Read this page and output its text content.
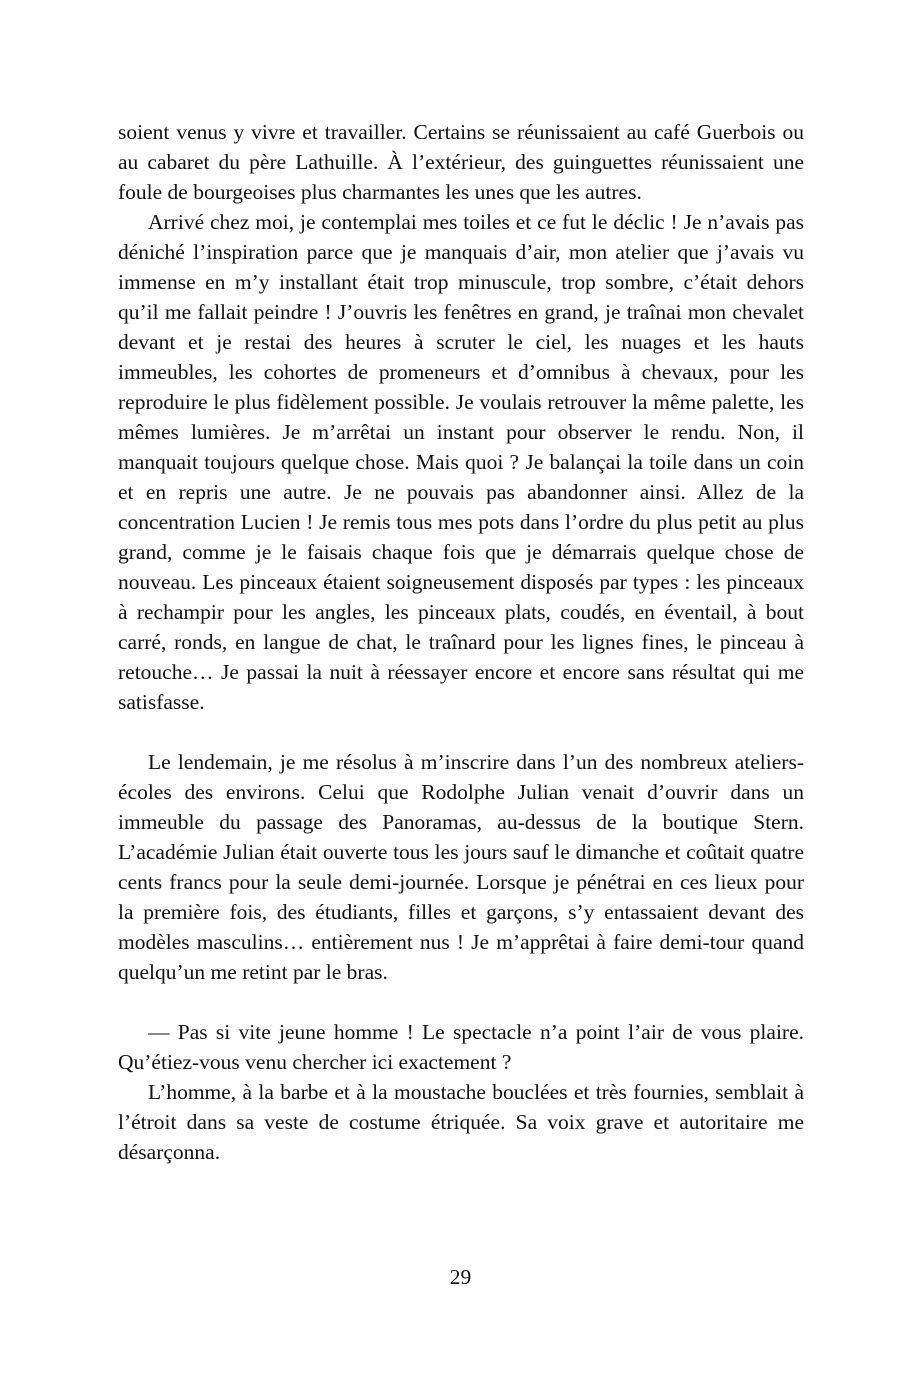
soient venus y vivre et travailler. Certains se réunissaient au café Guerbois ou au cabaret du père Lathuille. À l’extérieur, des guinguettes réunissaient une foule de bourgeoises plus charmantes les unes que les autres.

Arrivé chez moi, je contemplai mes toiles et ce fut le déclic ! Je n’avais pas déniché l’inspiration parce que je manquais d’air, mon atelier que j’avais vu immense en m’y installant était trop minuscule, trop sombre, c’était dehors qu’il me fallait peindre ! J’ouvris les fenêtres en grand, je traînai mon chevalet devant et je restai des heures à scruter le ciel, les nuages et les hauts immeubles, les cohortes de promeneurs et d’omnibus à chevaux, pour les reproduire le plus fidèlement possible. Je voulais retrouver la même palette, les mêmes lumières. Je m’arrêtai un instant pour observer le rendu. Non, il manquait toujours quelque chose. Mais quoi ? Je balançai la toile dans un coin et en repris une autre. Je ne pouvais pas abandonner ainsi. Allez de la concentration Lucien ! Je remis tous mes pots dans l’ordre du plus petit au plus grand, comme je le faisais chaque fois que je démarrais quelque chose de nouveau. Les pinceaux étaient soigneusement disposés par types : les pinceaux à rechampir pour les angles, les pinceaux plats, coudés, en éventail, à bout carré, ronds, en langue de chat, le traînard pour les lignes fines, le pinceau à retouche… Je passai la nuit à réessayer encore et encore sans résultat qui me satisfasse.

Le lendemain, je me résolus à m’inscrire dans l’un des nombreux ateliers-écoles des environs. Celui que Rodolphe Julian venait d’ouvrir dans un immeuble du passage des Panoramas, au-dessus de la boutique Stern. L’académie Julian était ouverte tous les jours sauf le dimanche et coûtait quatre cents francs pour la seule demi-journée. Lorsque je pénétrai en ces lieux pour la première fois, des étudiants, filles et garçons, s’y entassaient devant des modèles masculins… entièrement nus ! Je m’apprêtai à faire demi-tour quand quelqu’un me retint par le bras.

— Pas si vite jeune homme ! Le spectacle n’a point l’air de vous plaire. Qu’étiez-vous venu chercher ici exactement ?

L’homme, à la barbe et à la moustache bouclées et très fournies, semblait à l’étroit dans sa veste de costume étriquée. Sa voix grave et autoritaire me désarçonna.

29
